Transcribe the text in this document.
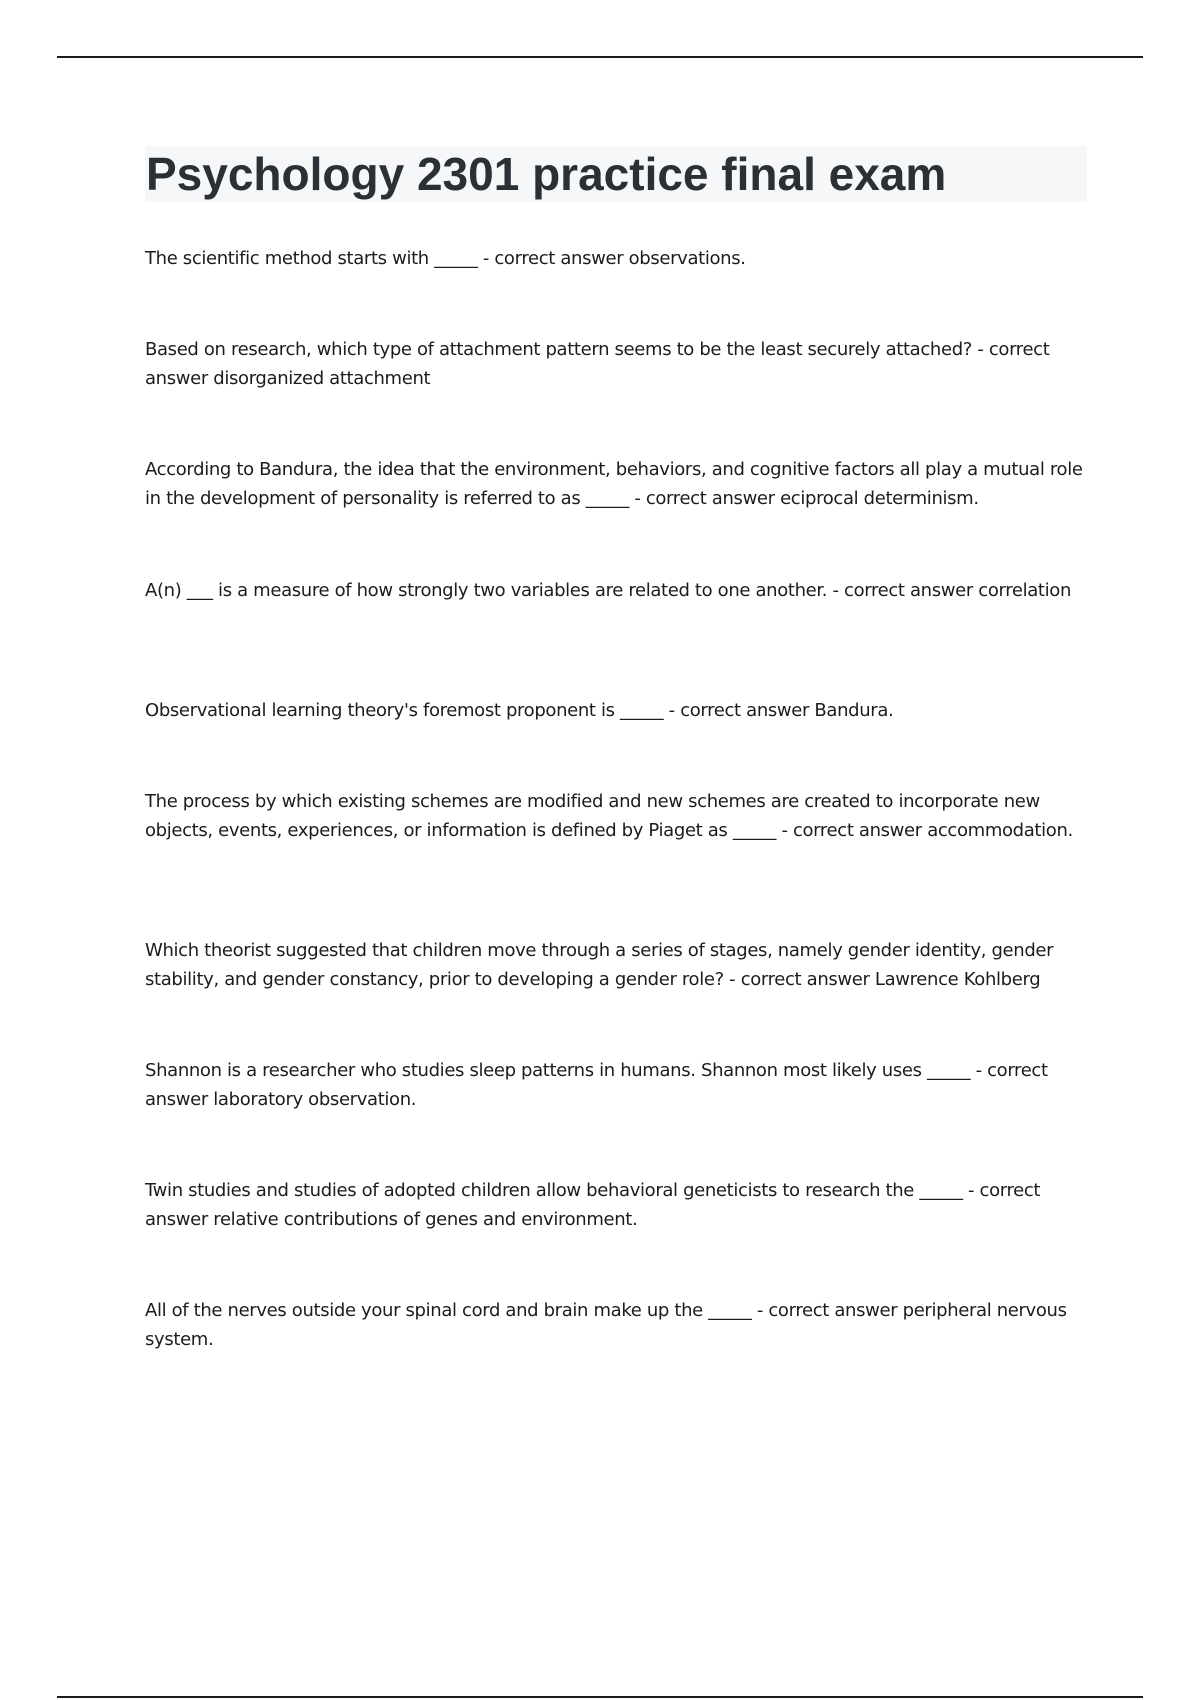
Psychology 2301 practice final exam

The scientific method starts with _____ - correct answer observations.

Based on research, which type of attachment pattern seems to be the least securely attached? - correct answer disorganized attachment

According to Bandura, the idea that the environment, behaviors, and cognitive factors all play a mutual role in the development of personality is referred to as _____ - correct answer eciprocal determinism.

A(n) ___ is a measure of how strongly two variables are related to one another. - correct answer correlation

Observational learning theory's foremost proponent is _____ - correct answer Bandura.

The process by which existing schemes are modified and new schemes are created to incorporate new objects, events, experiences, or information is defined by Piaget as _____ - correct answer accommodation.

Which theorist suggested that children move through a series of stages, namely gender identity, gender stability, and gender constancy, prior to developing a gender role? - correct answer Lawrence Kohlberg

Shannon is a researcher who studies sleep patterns in humans. Shannon most likely uses _____ - correct answer laboratory observation.

Twin studies and studies of adopted children allow behavioral geneticists to research the _____ - correct answer relative contributions of genes and environment.

All of the nerves outside your spinal cord and brain make up the _____ - correct answer peripheral nervous system.
